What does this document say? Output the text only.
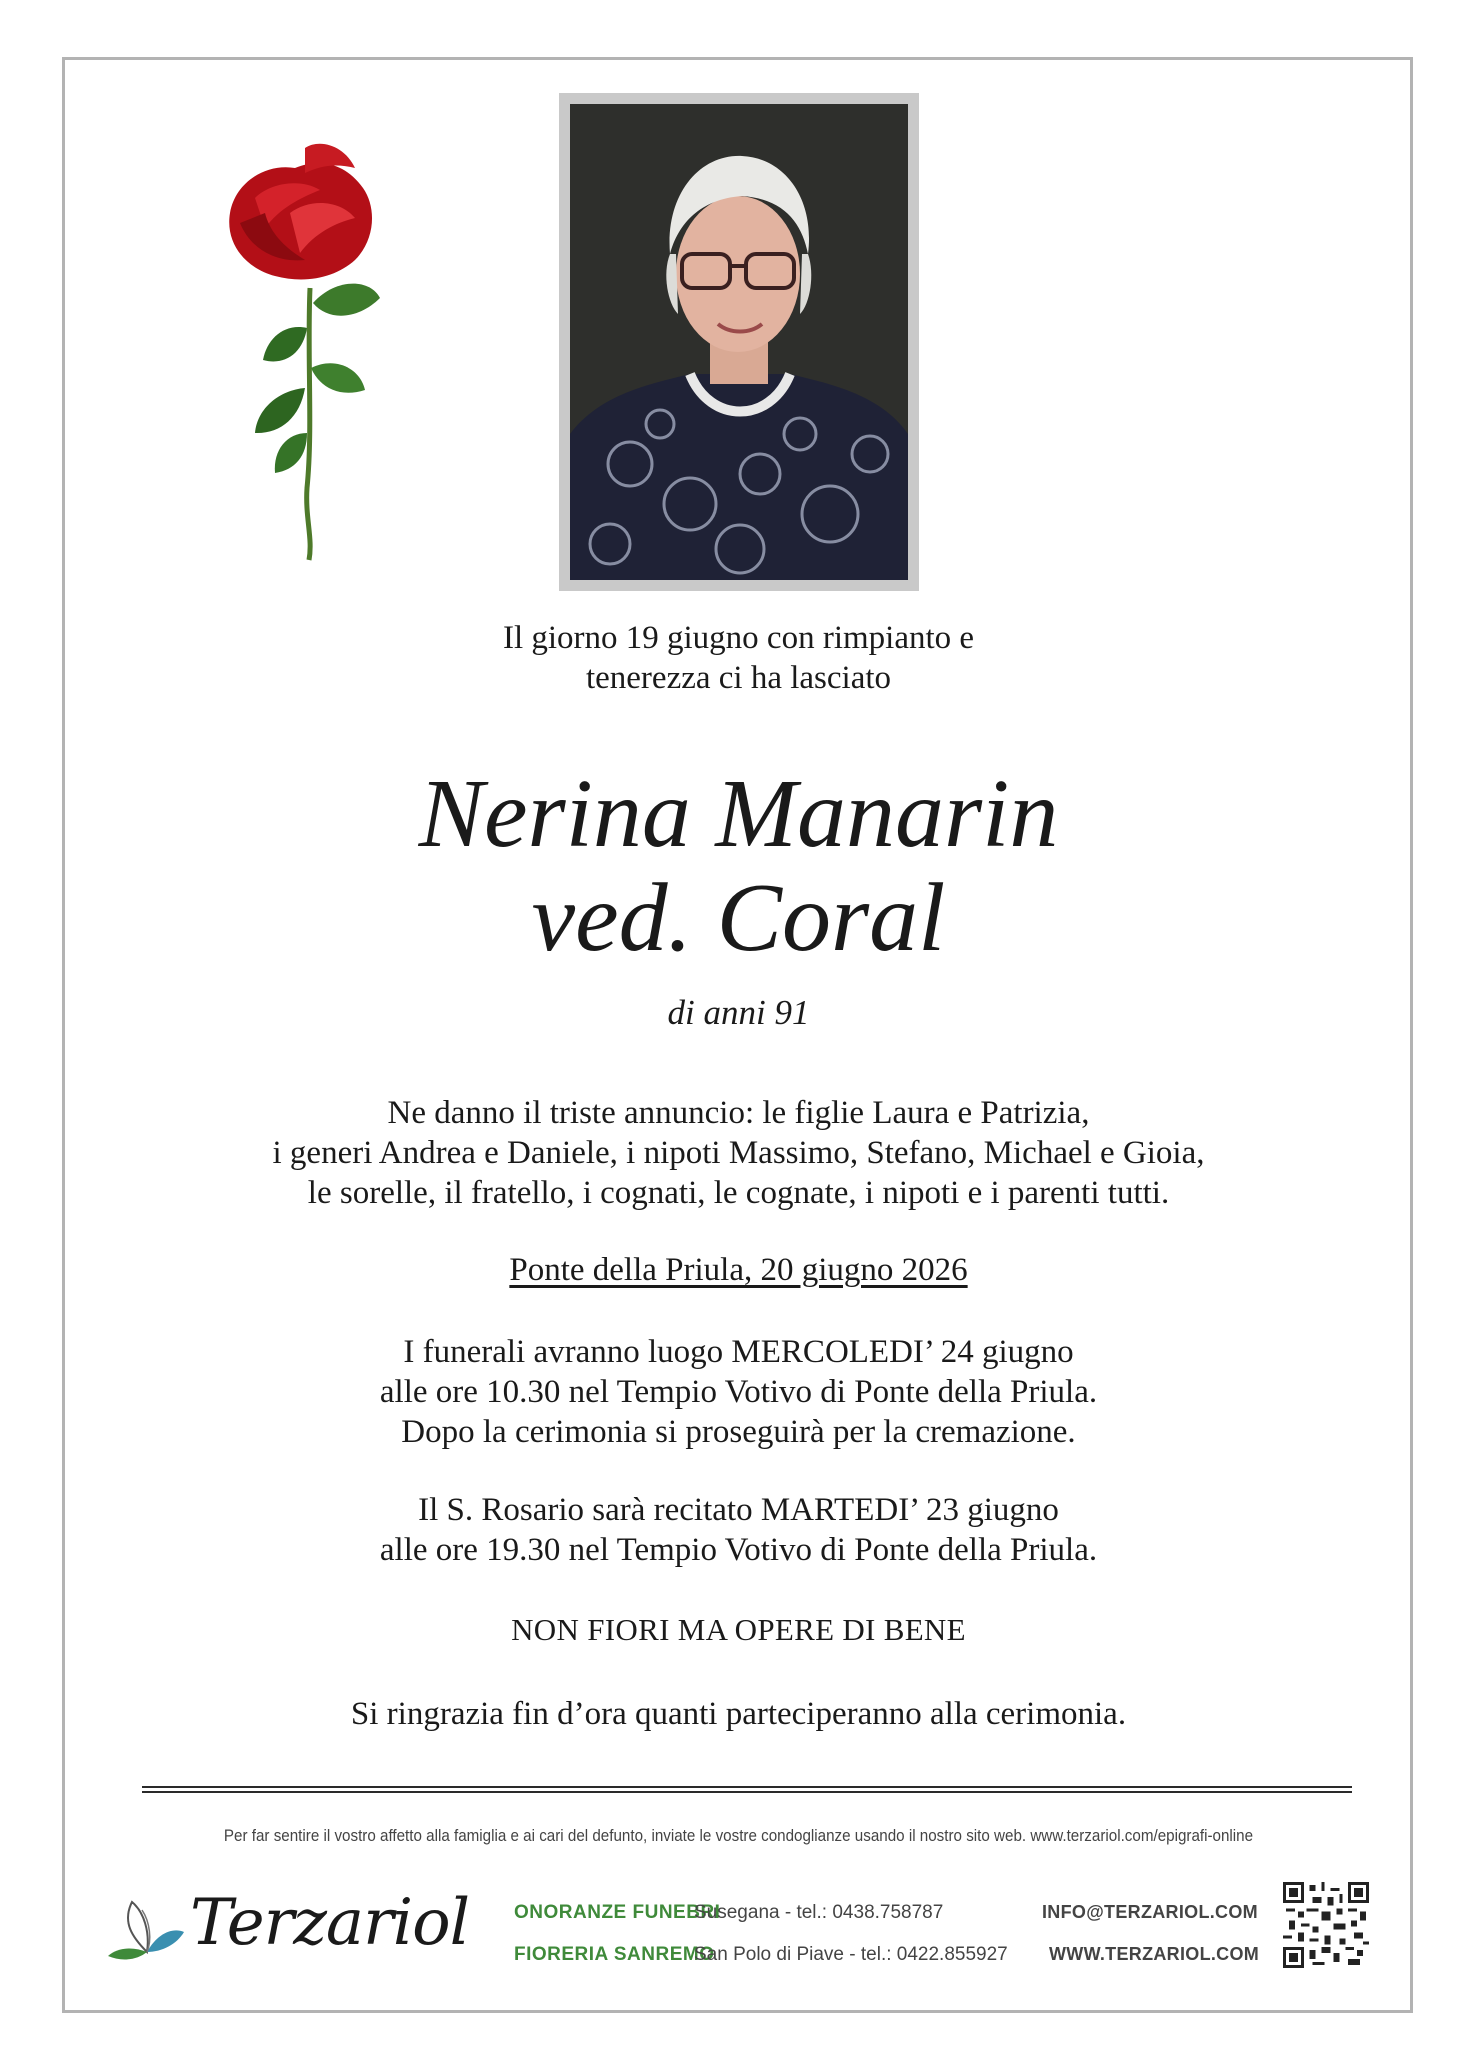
Il giorno 19 giugno con rimpianto e
tenerezza ci ha lasciato
Nerina Manarin
ved. Coral
di anni 91
Ne danno il triste annuncio: le figlie Laura e Patrizia,
i generi Andrea e Daniele, i nipoti Massimo, Stefano, Michael e Gioia,
le sorelle, il fratello, i cognati, le cognate, i nipoti e i parenti tutti.
Ponte della Priula, 20 giugno 2026
I funerali avranno luogo MERCOLEDI’ 24 giugno
alle ore 10.30 nel Tempio Votivo di Ponte della Priula.
Dopo la cerimonia si proseguirà per la cremazione.
Il S. Rosario sarà recitato MARTEDI’ 23 giugno
alle ore 19.30 nel Tempio Votivo di Ponte della Priula.
NON FIORI MA OPERE DI BENE
Si ringrazia fin d’ora quanti parteciperanno alla cerimonia.
Per far sentire il vostro affetto alla famiglia e ai cari del defunto, inviate le vostre condoglianze usando il nostro sito web. www.terzariol.com/epigrafi-online
Terzariol ONORANZE FUNEBRI
FIORERIA SANREMO
Susegana - tel.: 0438.758787
San Polo di Piave - tel.: 0422.855927
INFO@TERZARIOL.COM
WWW.TERZARIOL.COM
